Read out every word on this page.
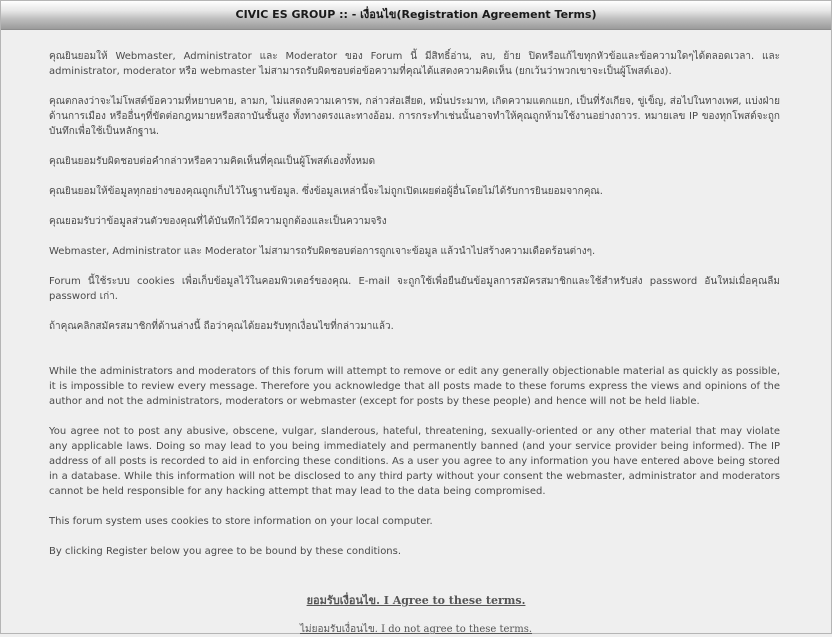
CIVIC ES GROUP :: - เงื่อนไข(Registration Agreement Terms)

คุณยินยอมให้ Webmaster, Administrator และ Moderator ของ Forum นี้ มีสิทธิ์อ่าน, ลบ, ย้าย ปิดหรือแก้ไขทุกหัวข้อและข้อความใดๆได้ตลอดเวลา. และ administrator, moderator หรือ webmaster ไม่สามารถรับผิดชอบต่อข้อความที่คุณได้แสดงความคิดเห็น (ยกเว้นว่าพวกเขาจะเป็นผู้โพสต์เอง).

คุณตกลงว่าจะไม่โพสต์ข้อความที่หยาบคาย, ลามก, ไม่แสดงความเคารพ, กล่าวส่อเสียด, หมิ่นประมาท, เกิดความแตกแยก, เป็นที่รังเกียจ, ขู่เข็ญ, ส่อไปในทางเพศ, แบ่งฝ่ายด้านการเมือง หรืออื่นๆที่ขัดต่อกฎหมายหรือสถาบันชั้นสูง ทั้งทางตรงและทางอ้อม. การกระทำเช่นนั้นอาจทำให้คุณถูกห้ามใช้งานอย่างถาวร. หมายเลข IP ของทุกโพสต์จะถูกบันทึกเพื่อใช้เป็นหลักฐาน.

คุณยินยอมรับผิดชอบต่อคำกล่าวหรือความคิดเห็นที่คุณเป็นผู้โพสต์เองทั้งหมด

คุณยินยอมให้ข้อมูลทุกอย่างของคุณถูกเก็บไว้ในฐานข้อมูล. ซึ่งข้อมูลเหล่านี้จะไม่ถูกเปิดเผยต่อผู้อื่นโดยไม่ได้รับการยินยอมจากคุณ.

คุณยอมรับว่าข้อมูลส่วนตัวของคุณที่ได้บันทึกไว้มีความถูกต้องและเป็นความจริง

Webmaster, Administrator และ Moderator ไม่สามารถรับผิดชอบต่อการถูกเจาะข้อมูล แล้วนำไปสร้างความเดือดร้อนต่างๆ.

Forum นี้ใช้ระบบ cookies เพื่อเก็บข้อมูลไว้ในคอมพิวเตอร์ของคุณ. E-mail จะถูกใช้เพื่อยืนยันข้อมูลการสมัครสมาชิกและใช้สำหรับส่ง password อันใหม่เมื่อคุณลืม password เก่า.

ถ้าคุณคลิกสมัครสมาชิกที่ด้านล่างนี้ ถือว่าคุณได้ยอมรับทุกเงื่อนไขที่กล่าวมาแล้ว.

While the administrators and moderators of this forum will attempt to remove or edit any generally objectionable material as quickly as possible, it is impossible to review every message. Therefore you acknowledge that all posts made to these forums express the views and opinions of the author and not the administrators, moderators or webmaster (except for posts by these people) and hence will not be held liable.

You agree not to post any abusive, obscene, vulgar, slanderous, hateful, threatening, sexually-oriented or any other material that may violate any applicable laws. Doing so may lead to you being immediately and permanently banned (and your service provider being informed). The IP address of all posts is recorded to aid in enforcing these conditions. As a user you agree to any information you have entered above being stored in a database. While this information will not be disclosed to any third party without your consent the webmaster, administrator and moderators cannot be held responsible for any hacking attempt that may lead to the data being compromised.

This forum system uses cookies to store information on your local computer.

By clicking Register below you agree to be bound by these conditions.

ยอมรับเงื่อนไข. I Agree to these terms.
ไม่ยอมรับเงื่อนไข. I do not agree to these terms.
